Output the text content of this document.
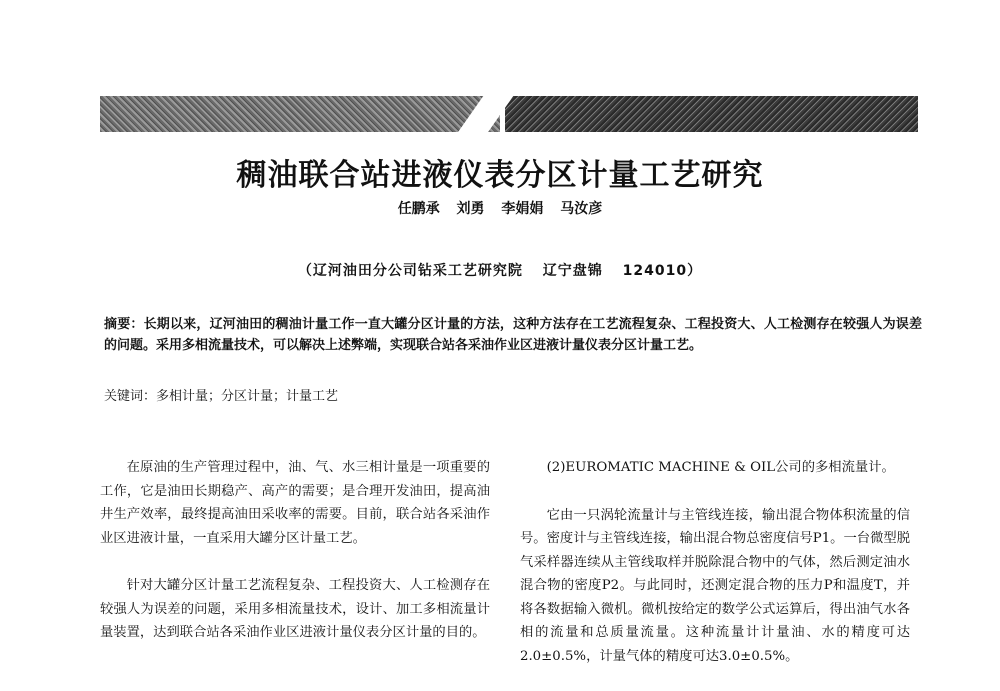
稠油联合站进液仪表分区计量工艺研究
任鹏承 刘勇 李娟娟 马汝彦
（辽河油田分公司钻采工艺研究院 辽宁盘锦 124010）
摘要：长期以来，辽河油田的稠油计量工作一直大罐分区计量的方法，这种方法存在工艺流程复杂、工程投资大、人工检测存在较强人为误差的问题。采用多相流量技术，可以解决上述弊端，实现联合站各采油作业区进液计量仪表分区计量工艺。
关键词：多相计量；分区计量；计量工艺

在原油的生产管理过程中，油、气、水三相计量是一项重要的工作，它是油田长期稳产、高产的需要；是合理开发油田，提高油井生产效率，最终提高油田采收率的需要。目前，联合站各采油作业区进液计量，一直采用大罐分区计量工艺。

针对大罐分区计量工艺流程复杂、工程投资大、人工检测存在较强人为误差的问题，采用多相流量技术，设计、加工多相流量计量装置，达到联合站各采油作业区进液计量仪表分区计量的目的。

(2)EUROMATIC MACHINE & OIL公司的多相流量计。

它由一只涡轮流量计与主管线连接，输出混合物体积流量的信号。密度计与主管线连接，输出混合物总密度信号P1。一台微型脱气采样器连续从主管线取样并脱除混合物中的气体，然后测定油水混合物的密度P2。与此同时，还测定混合物的压力P和温度T，并将各数据输入微机。微机按给定的数学公式运算后，得出油气水各相的流量和总质量流量。这种流量计计量油、水的精度可达2.0±0.5%，计量气体的精度可达3.0±0.5%。
